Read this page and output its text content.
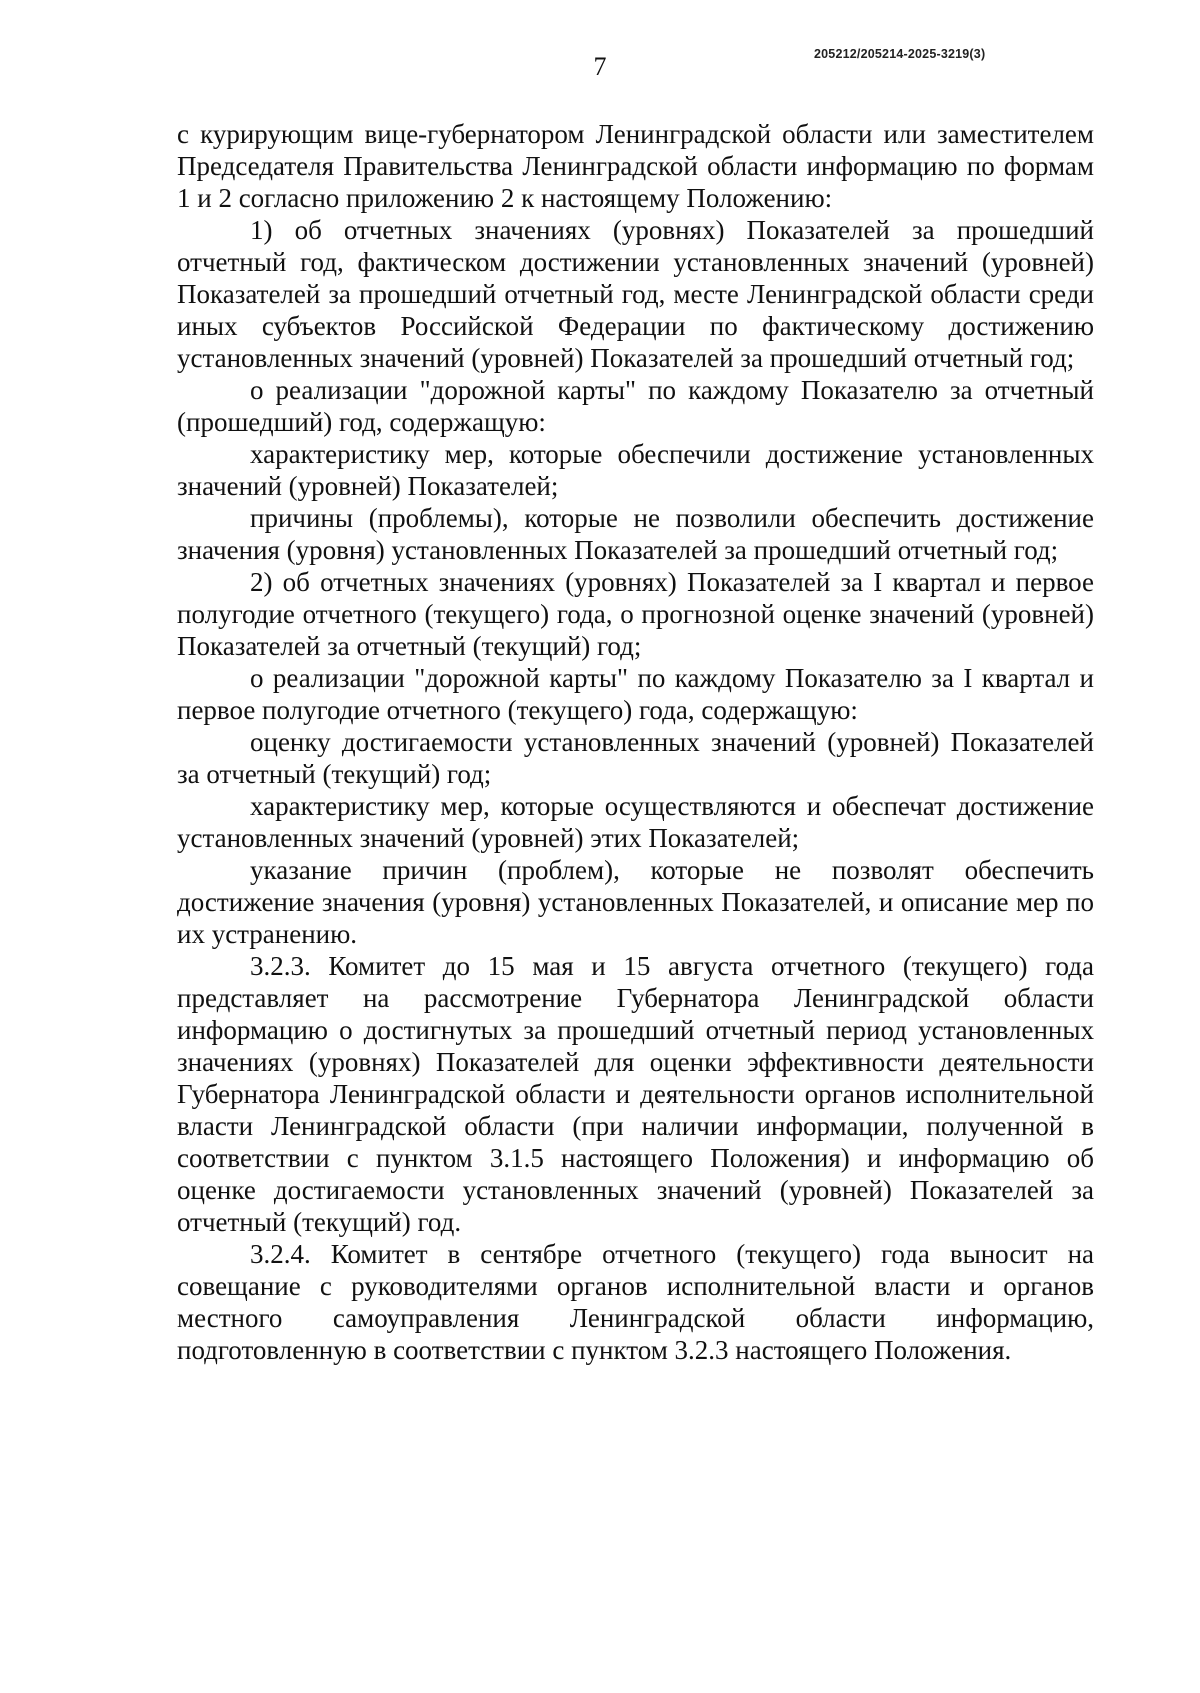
7	205212/205214-2025-3219(3)

с курирующим вице-губернатором Ленинградской области или заместителем Председателя Правительства Ленинградской области информацию по формам 1 и 2 согласно приложению 2 к настоящему Положению:

1) об отчетных значениях (уровнях) Показателей за прошедший отчетный год, фактическом достижении установленных значений (уровней) Показателей за прошедший отчетный год, месте Ленинградской области среди иных субъектов Российской Федерации по фактическому достижению установленных значений (уровней) Показателей за прошедший отчетный год;

о реализации "дорожной карты" по каждому Показателю за отчетный (прошедший) год, содержащую:

характеристику мер, которые обеспечили достижение установленных значений (уровней) Показателей;

причины (проблемы), которые не позволили обеспечить достижение значения (уровня) установленных Показателей за прошедший отчетный год;

2) об отчетных значениях (уровнях) Показателей за I квартал и первое полугодие отчетного (текущего) года, о прогнозной оценке значений (уровней) Показателей за отчетный (текущий) год;

о реализации "дорожной карты" по каждому Показателю за I квартал и первое полугодие отчетного (текущего) года, содержащую:

оценку достигаемости установленных значений (уровней) Показателей за отчетный (текущий) год;

характеристику мер, которые осуществляются и обеспечат достижение установленных значений (уровней) этих Показателей;

указание причин (проблем), которые не позволят обеспечить достижение значения (уровня) установленных Показателей, и описание мер по их устранению.

3.2.3. Комитет до 15 мая и 15 августа отчетного (текущего) года представляет на рассмотрение Губернатора Ленинградской области информацию о достигнутых за прошедший отчетный период установленных значениях (уровнях) Показателей для оценки эффективности деятельности Губернатора Ленинградской области и деятельности органов исполнительной власти Ленинградской области (при наличии информации, полученной в соответствии с пунктом 3.1.5 настоящего Положения) и информацию об оценке достигаемости установленных значений (уровней) Показателей за отчетный (текущий) год.

3.2.4. Комитет в сентябре отчетного (текущего) года выносит на совещание с руководителями органов исполнительной власти и органов местного самоуправления Ленинградской области информацию, подготовленную в соответствии с пунктом 3.2.3 настоящего Положения.
